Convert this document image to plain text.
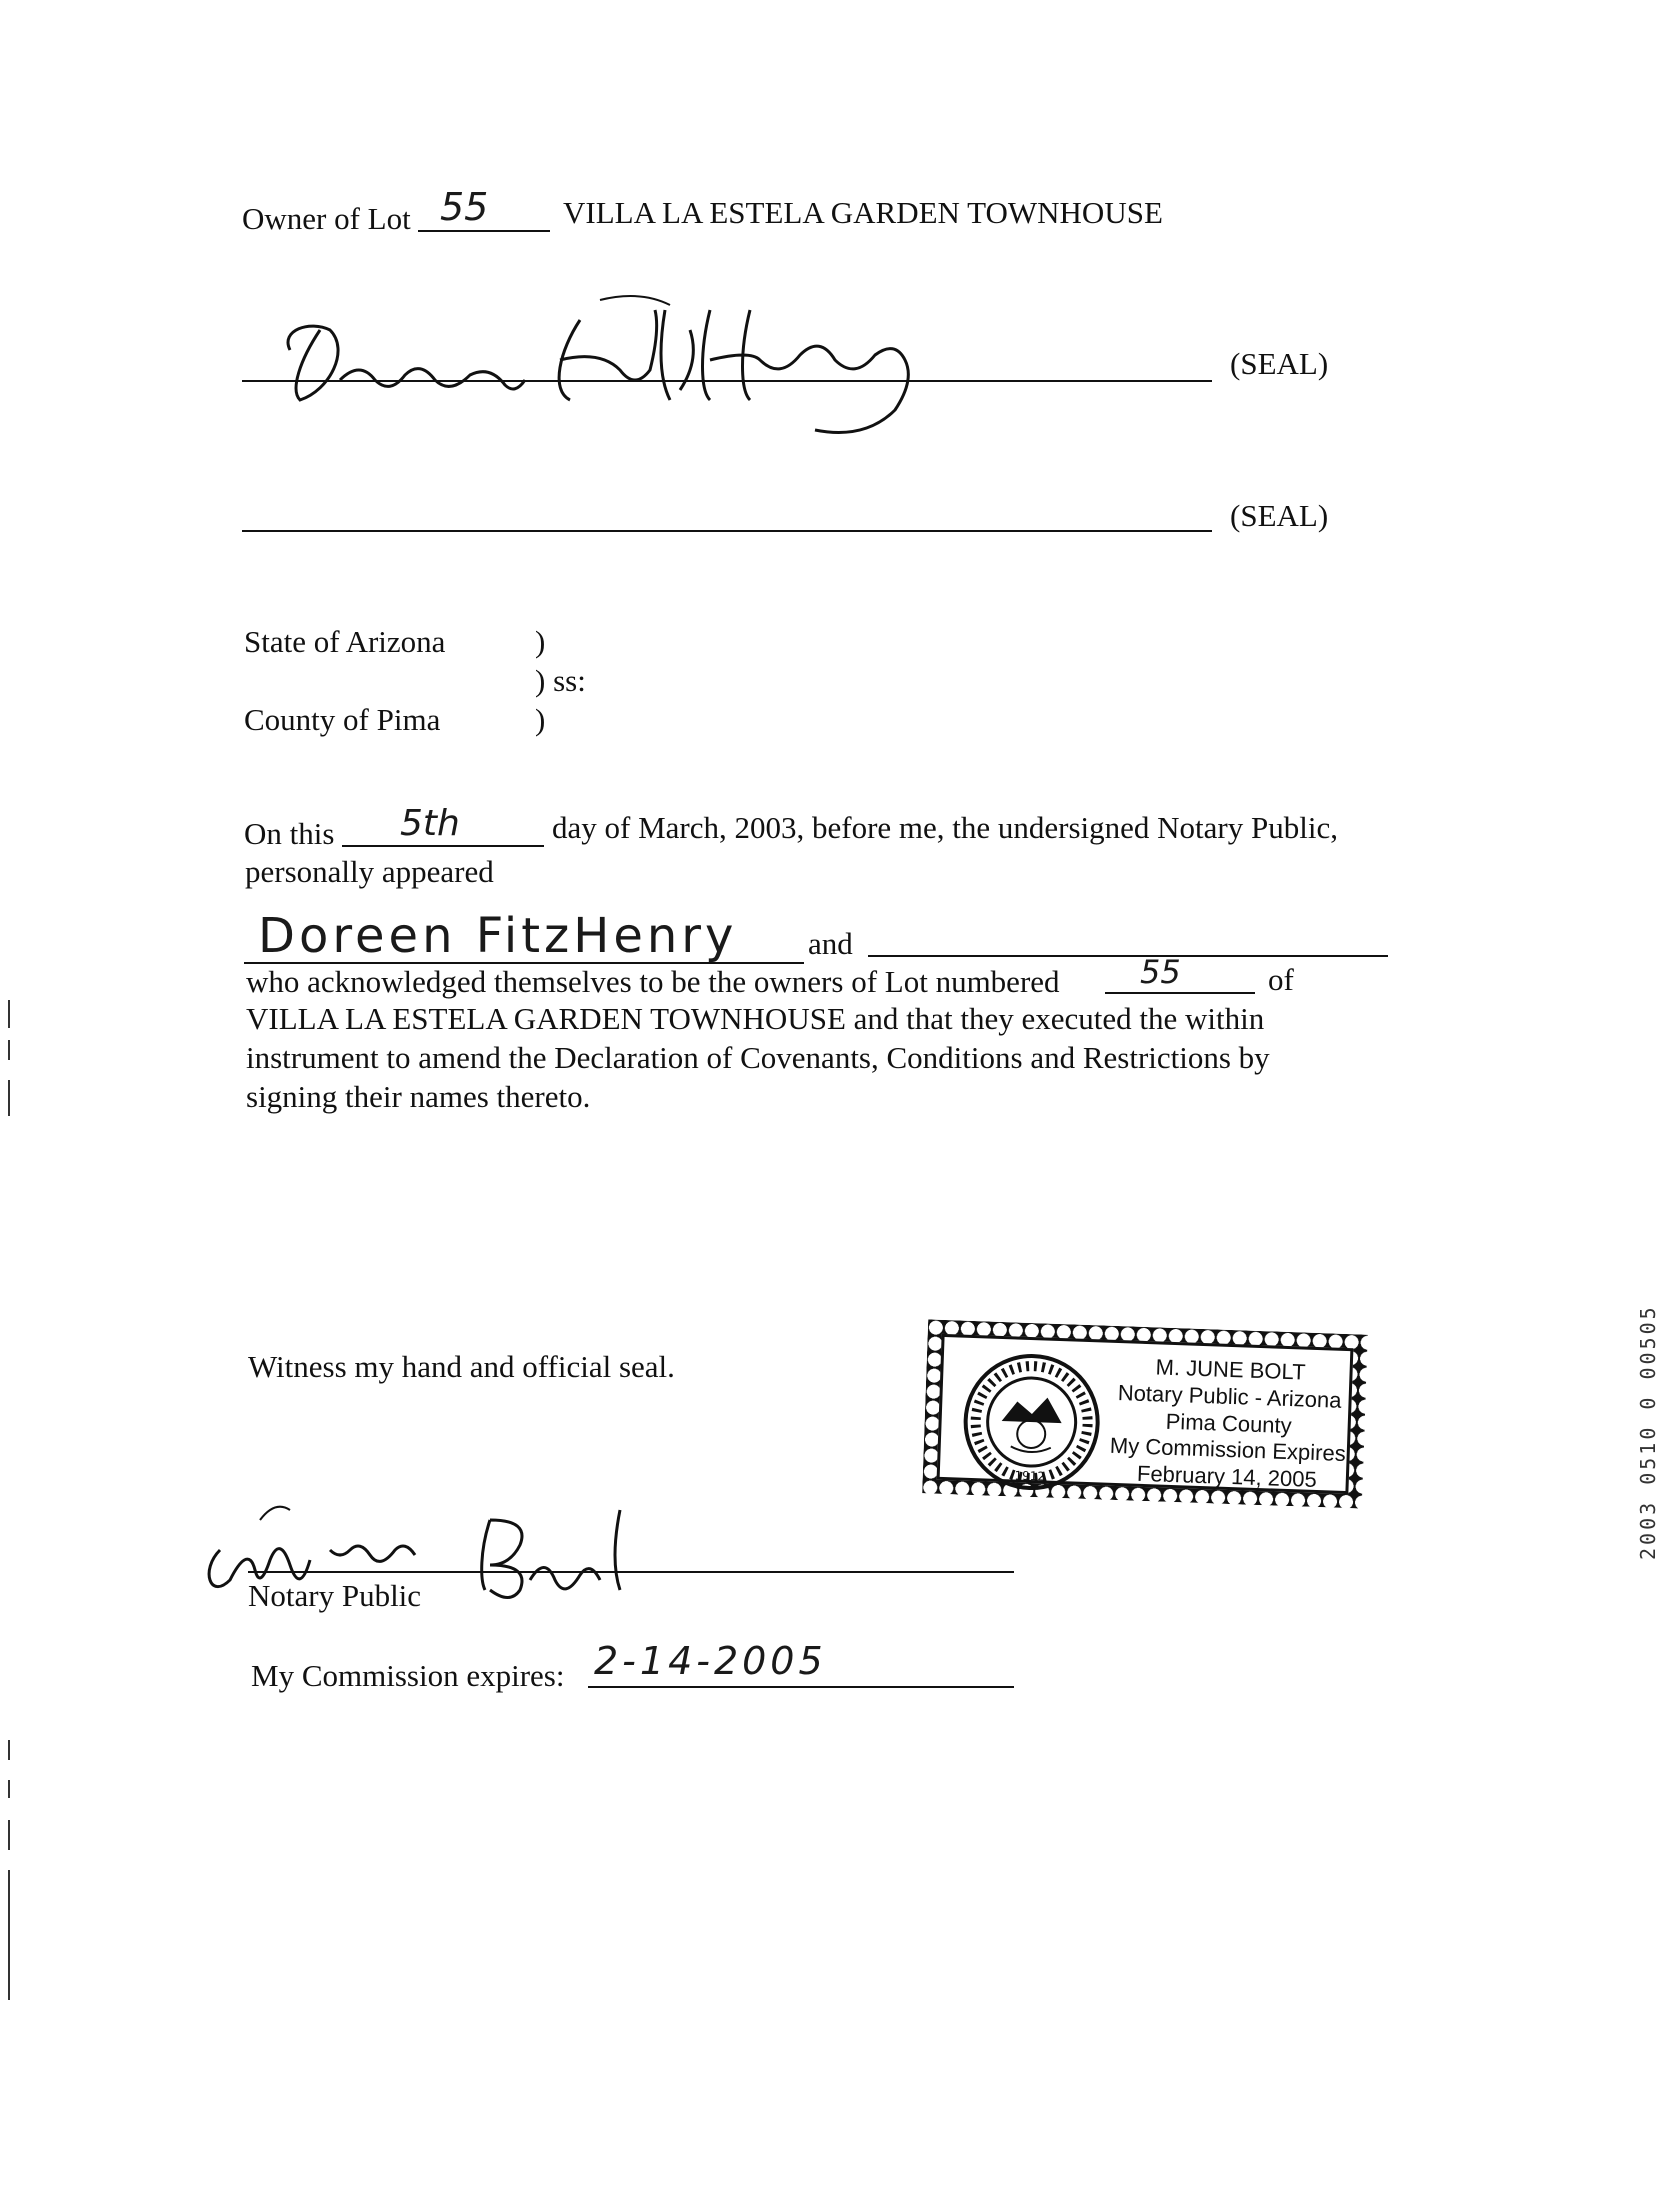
Owner of Lot 55 VILLA LA ESTELA GARDEN TOWNHOUSE
(SEAL)
(SEAL)
State of Arizona	)
) ss:
County of Pima	)
On this 5th	day of March, 2003, before me, the undersigned Notary Public,
personally appeared
Doreen FitzHenry and
who acknowledged themselves to be the owners of Lot numbered	55	of
VILLA LA ESTELA GARDEN TOWNHOUSE and that they executed the within
instrument to amend the Declaration of Covenants, Conditions and Restrictions by
signing their names thereto.
Witness my hand and official seal.
1912
M. JUNE BOLT
Notary Public - Arizona
Pima County
My Commission Expires
February 14, 2005
Notary Public
My Commission expires: 2-14-2005
2003 0510 0 00505
